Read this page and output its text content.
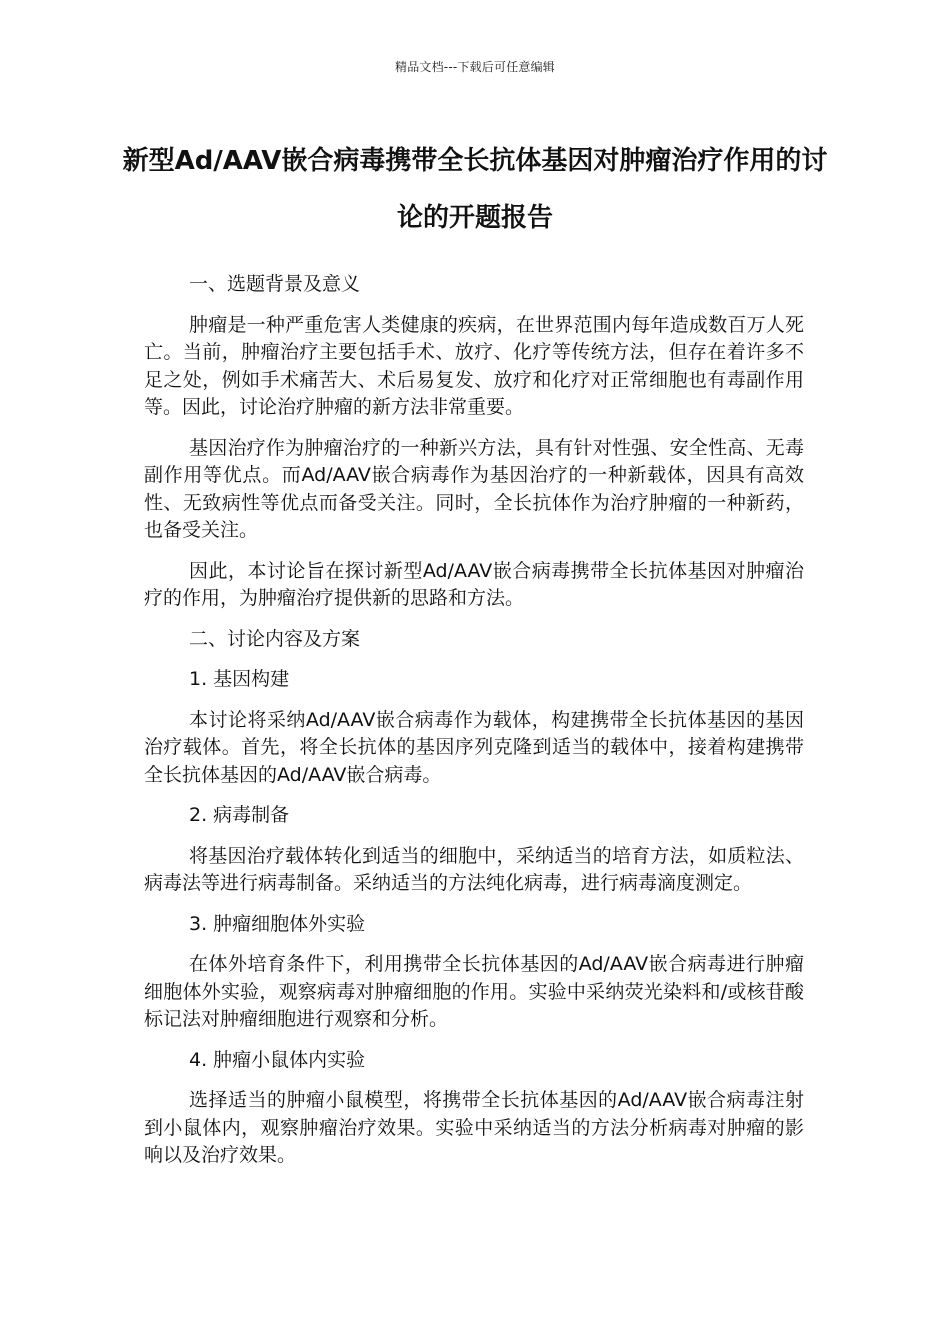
精品文档---下载后可任意编辑
新型Ad/AAV嵌合病毒携带全长抗体基因对肿瘤治疗作用的讨论的开题报告

一、选题背景及意义

肿瘤是一种严重危害人类健康的疾病，在世界范围内每年造成数百万人死亡。当前，肿瘤治疗主要包括手术、放疗、化疗等传统方法，但存在着许多不足之处，例如手术痛苦大、术后易复发、放疗和化疗对正常细胞也有毒副作用等。因此，讨论治疗肿瘤的新方法非常重要。

基因治疗作为肿瘤治疗的一种新兴方法，具有针对性强、安全性高、无毒副作用等优点。而Ad/AAV嵌合病毒作为基因治疗的一种新载体，因具有高效性、无致病性等优点而备受关注。同时，全长抗体作为治疗肿瘤的一种新药，也备受关注。

因此，本讨论旨在探讨新型Ad/AAV嵌合病毒携带全长抗体基因对肿瘤治疗的作用，为肿瘤治疗提供新的思路和方法。

二、讨论内容及方案

1. 基因构建

本讨论将采纳Ad/AAV嵌合病毒作为载体，构建携带全长抗体基因的基因治疗载体。首先，将全长抗体的基因序列克隆到适当的载体中，接着构建携带全长抗体基因的Ad/AAV嵌合病毒。

2. 病毒制备

将基因治疗载体转化到适当的细胞中，采纳适当的培育方法，如质粒法、病毒法等进行病毒制备。采纳适当的方法纯化病毒，进行病毒滴度测定。

3. 肿瘤细胞体外实验

在体外培育条件下，利用携带全长抗体基因的Ad/AAV嵌合病毒进行肿瘤细胞体外实验，观察病毒对肿瘤细胞的作用。实验中采纳荧光染料和/或核苷酸标记法对肿瘤细胞进行观察和分析。

4. 肿瘤小鼠体内实验

选择适当的肿瘤小鼠模型，将携带全长抗体基因的Ad/AAV嵌合病毒注射到小鼠体内，观察肿瘤治疗效果。实验中采纳适当的方法分析病毒对肿瘤的影响以及治疗效果。
